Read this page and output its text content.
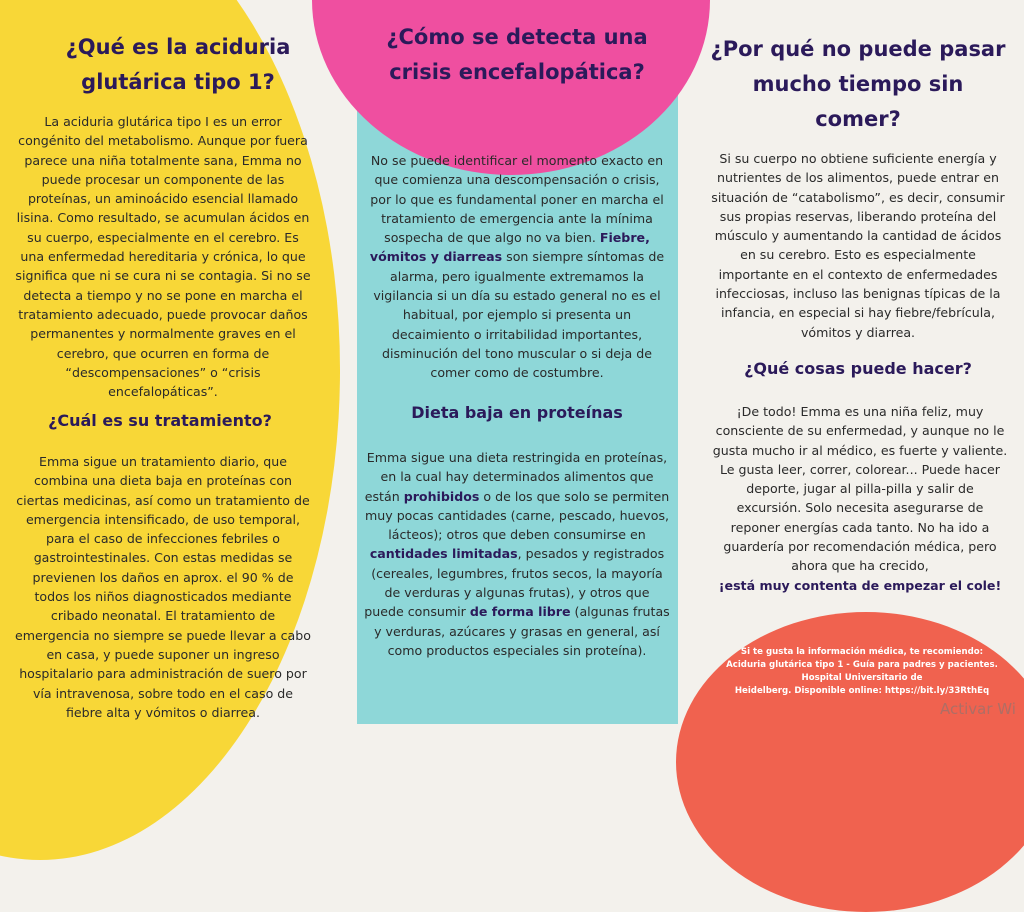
¿Qué es la aciduria glutárica tipo 1?

La aciduria glutárica tipo I es un error congénito del metabolismo. Aunque por fuera parece una niña totalmente sana, Emma no puede procesar un componente de las proteínas, un aminoácido esencial llamado lisina. Como resultado, se acumulan ácidos en su cuerpo, especialmente en el cerebro. Es una enfermedad hereditaria y crónica, lo que significa que ni se cura ni se contagia. Si no se detecta a tiempo y no se pone en marcha el tratamiento adecuado, puede provocar daños permanentes y normalmente graves en el cerebro, que ocurren en forma de “descompensaciones” o “crisis encefalopáticas”.

¿Cuál es su tratamiento?

Emma sigue un tratamiento diario, que combina una dieta baja en proteínas con ciertas medicinas, así como un tratamiento de emergencia intensificado, de uso temporal, para el caso de infecciones febriles o gastrointestinales. Con estas medidas se previenen los daños en aprox. el 90 % de todos los niños diagnosticados mediante cribado neonatal. El tratamiento de emergencia no siempre se puede llevar a cabo en casa, y puede suponer un ingreso hospitalario para administración de suero por vía intravenosa, sobre todo en el caso de fiebre alta y vómitos o diarrea.

¿Cómo se detecta una crisis encefalopática?

No se puede identificar el momento exacto en que comienza una descompensación o crisis, por lo que es fundamental poner en marcha el tratamiento de emergencia ante la mínima sospecha de que algo no va bien. Fiebre, vómitos y diarreas son siempre síntomas de alarma, pero igualmente extremamos la vigilancia si un día su estado general no es el habitual, por ejemplo si presenta un decaimiento o irritabilidad importantes, disminución del tono muscular o si deja de comer como de costumbre.

Dieta baja en proteínas

Emma sigue una dieta restringida en proteínas, en la cual hay determinados alimentos que están prohibidos o de los que solo se permiten muy pocas cantidades (carne, pescado, huevos, lácteos); otros que deben consumirse en cantidades limitadas, pesados y registrados (cereales, legumbres, frutos secos, la mayoría de verduras y algunas frutas), y otros que puede consumir de forma libre (algunas frutas y verduras, azúcares y grasas en general, así como productos especiales sin proteína).

¿Por qué no puede pasar mucho tiempo sin comer?

Si su cuerpo no obtiene suficiente energía y nutrientes de los alimentos, puede entrar en situación de “catabolismo”, es decir, consumir sus propias reservas, liberando proteína del músculo y aumentando la cantidad de ácidos en su cerebro. Esto es especialmente importante en el contexto de enfermedades infecciosas, incluso las benignas típicas de la infancia, en especial si hay fiebre/febrícula, vómitos y diarrea.

¿Qué cosas puede hacer?

¡De todo! Emma es una niña feliz, muy consciente de su enfermedad, y aunque no le gusta mucho ir al médico, es fuerte y valiente. Le gusta leer, correr, colorear... Puede hacer deporte, jugar al pilla-pilla y salir de excursión. Solo necesita asegurarse de reponer energías cada tanto. No ha ido a guardería por recomendación médica, pero ahora que ha crecido,
¡está muy contenta de empezar el cole!

Si te gusta la información médica, te recomiendo:

Aciduria glutárica tipo 1 - Guía para padres y pacientes.

Hospital Universitario de

Heidelberg. Disponible online: https://bit.ly/33RthEq

Activar Wi
